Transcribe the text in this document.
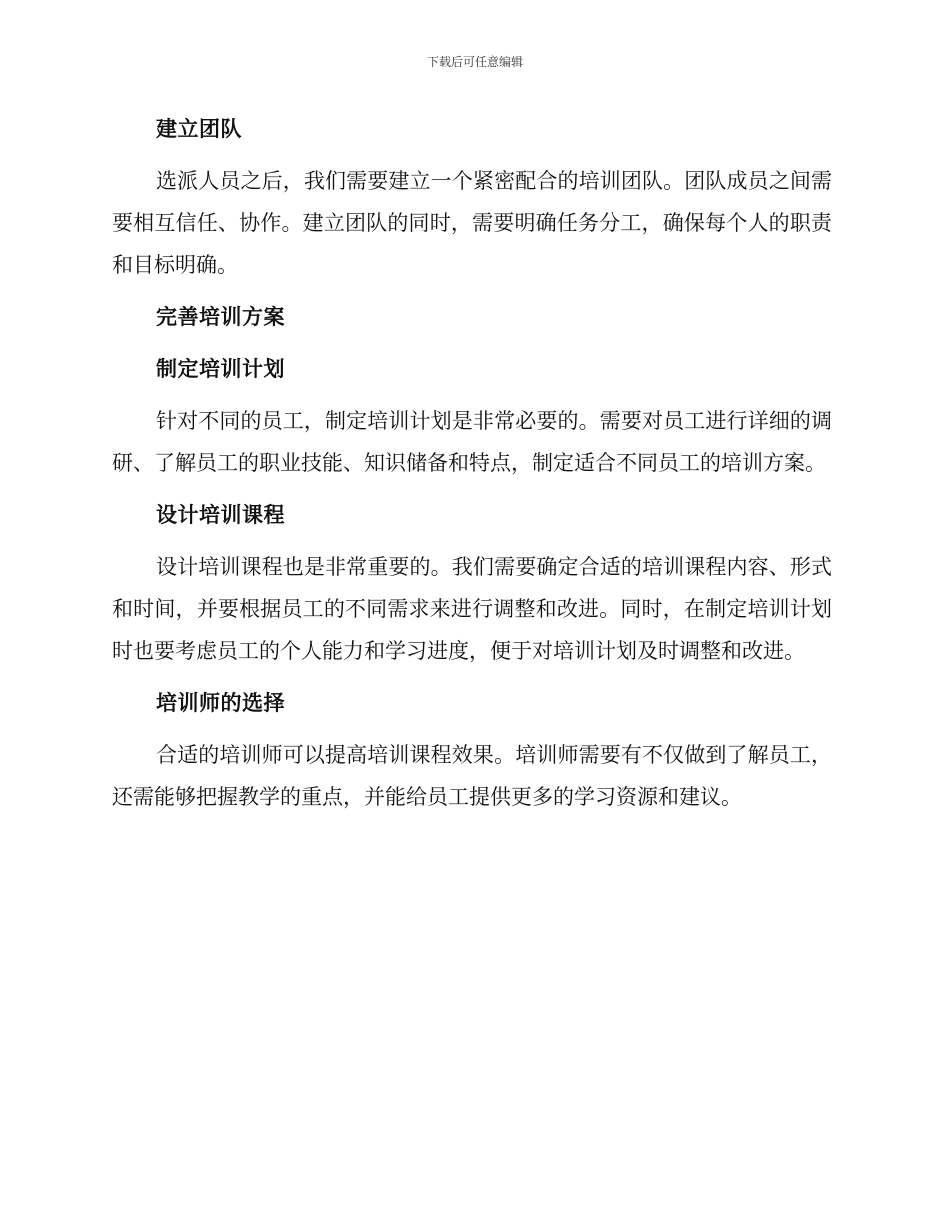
下载后可任意编辑
建立团队

选派人员之后，我们需要建立一个紧密配合的培训团队。团队成员之间需要相互信任、协作。建立团队的同时，需要明确任务分工，确保每个人的职责和目标明确。

完善培训方案
制定培训计划

针对不同的员工，制定培训计划是非常必要的。需要对员工进行详细的调研、了解员工的职业技能、知识储备和特点，制定适合不同员工的培训方案。

设计培训课程

设计培训课程也是非常重要的。我们需要确定合适的培训课程内容、形式和时间，并要根据员工的不同需求来进行调整和改进。同时，在制定培训计划时也要考虑员工的个人能力和学习进度，便于对培训计划及时调整和改进。

培训师的选择

合适的培训师可以提高培训课程效果。培训师需要有不仅做到了解员工，还需能够把握教学的重点，并能给员工提供更多的学习资源和建议。
